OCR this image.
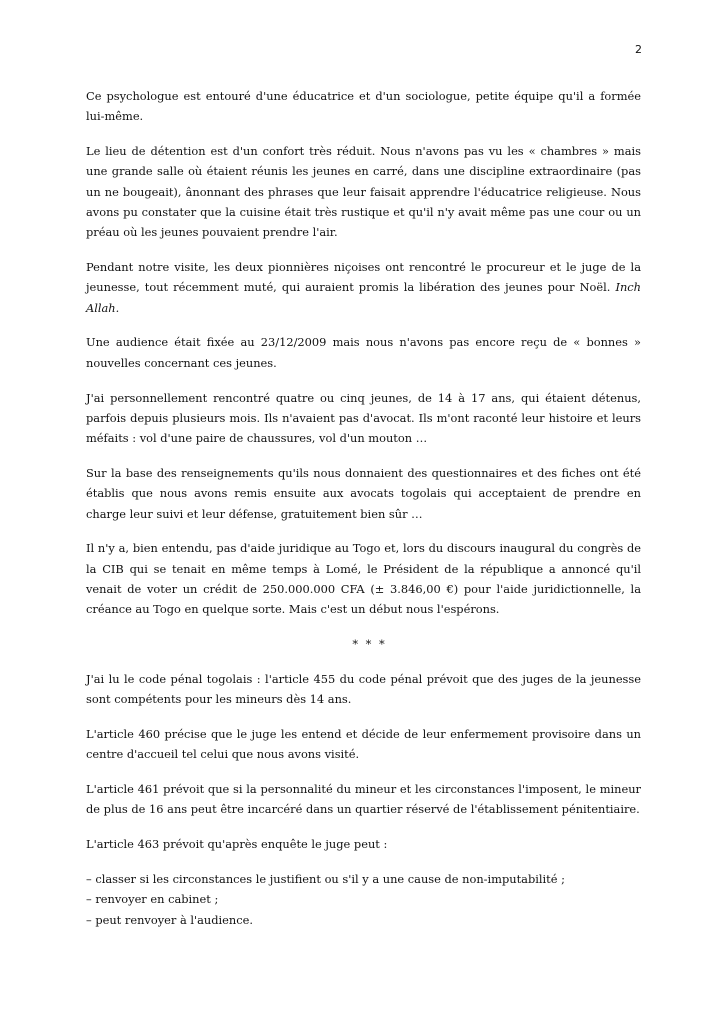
2

Ce psychologue est entouré d'une éducatrice et d'un sociologue, petite équipe qu'il a formée lui-même.

Le lieu de détention est d'un confort très réduit. Nous n'avons pas vu les « chambres » mais une grande salle où étaient réunis les jeunes en carré, dans une discipline extraordinaire (pas un ne bougeait), ânonnant des phrases que leur faisait apprendre l'éducatrice religieuse. Nous avons pu constater que la cuisine était très rustique et qu'il n'y avait même pas une cour ou un préau où les jeunes pouvaient prendre l'air.

Pendant notre visite, les deux pionnières niçoises ont rencontré le procureur et le juge de la jeunesse, tout récemment muté, qui auraient promis la libération des jeunes pour Noël. Inch Allah.

Une audience était fixée au 23/12/2009 mais nous n'avons pas encore reçu de « bonnes » nouvelles concernant ces jeunes.

J'ai personnellement rencontré quatre ou cinq jeunes, de 14 à 17 ans, qui étaient détenus, parfois depuis plusieurs mois. Ils n'avaient pas d'avocat. Ils m'ont raconté leur histoire et leurs méfaits : vol d'une paire de chaussures, vol d'un mouton …

Sur la base des renseignements qu'ils nous donnaient des questionnaires et des fiches ont été établis que nous avons remis ensuite aux avocats togolais qui acceptaient de prendre en charge leur suivi et leur défense, gratuitement bien sûr …

Il n'y a, bien entendu, pas d'aide juridique au Togo et, lors du discours inaugural du congrès de la CIB qui se tenait en même temps à Lomé, le Président de la république a annoncé qu'il venait de voter un crédit de 250.000.000 CFA (± 3.846,00 €) pour l'aide juridictionnelle, la créance au Togo en quelque sorte. Mais c'est un début nous l'espérons.

* * *

J'ai lu le code pénal togolais : l'article 455 du code pénal prévoit que des juges de la jeunesse sont compétents pour les mineurs dès 14 ans.

L'article 460 précise que le juge les entend et décide de leur enfermement provisoire dans un centre d'accueil tel celui que nous avons visité.

L'article 461 prévoit que si la personnalité du mineur et les circonstances l'imposent, le mineur de plus de 16 ans peut être incarcéré dans un quartier réservé de l'établissement pénitentiaire.

L'article 463 prévoit qu'après enquête le juge peut :

– classer si les circonstances le justifient ou s'il y a une cause de non-imputabilité ;

– renvoyer en cabinet ;

– peut renvoyer à l'audience.
